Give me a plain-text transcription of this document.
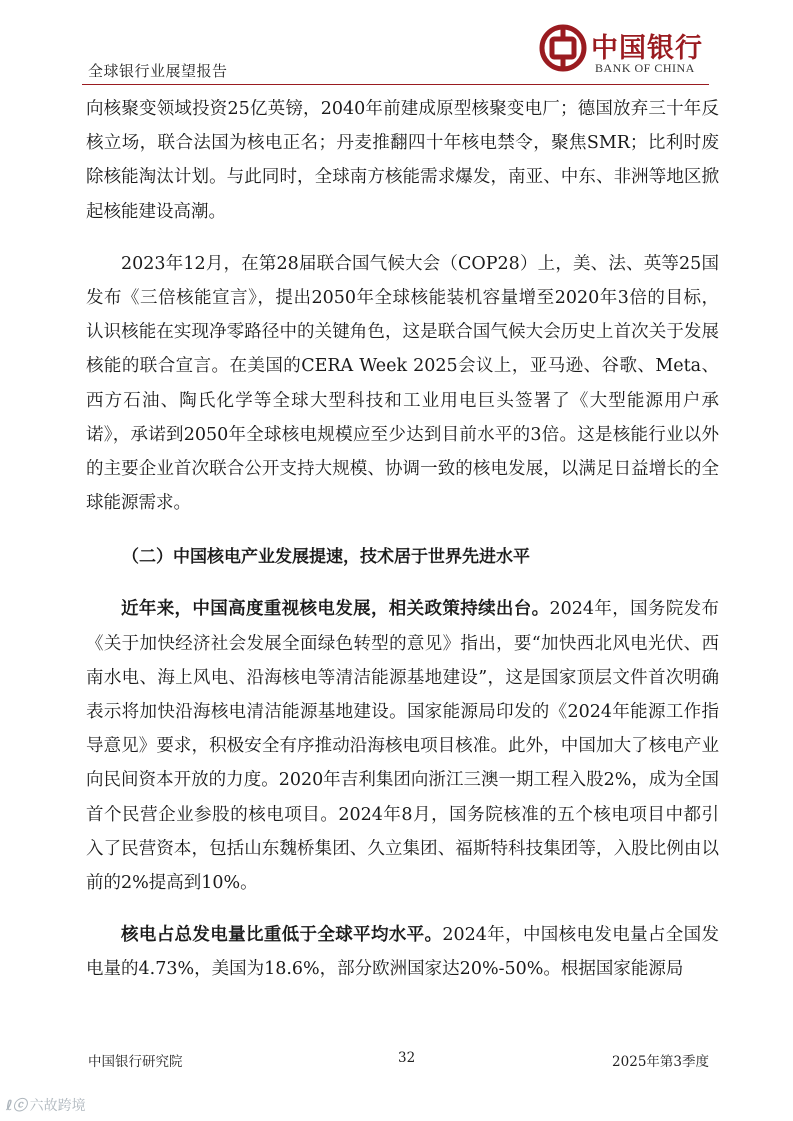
全球银行业展望报告
中国银行
BANK OF CHINA

向核聚变领域投资25亿英镑，2040年前建成原型核聚变电厂；德国放弃三十年反核立场，联合法国为核电正名；丹麦推翻四十年核电禁令，聚焦SMR；比利时废除核能淘汰计划。与此同时，全球南方核能需求爆发，南亚、中东、非洲等地区掀起核能建设高潮。

2023年12月，在第28届联合国气候大会（COP28）上，美、法、英等25国发布《三倍核能宣言》，提出2050年全球核能装机容量增至2020年3倍的目标，认识核能在实现净零路径中的关键角色，这是联合国气候大会历史上首次关于发展核能的联合宣言。在美国的CERA Week 2025会议上，亚马逊、谷歌、Meta、西方石油、陶氏化学等全球大型科技和工业用电巨头签署了《大型能源用户承诺》，承诺到2050年全球核电规模应至少达到目前水平的3倍。这是核能行业以外的主要企业首次联合公开支持大规模、协调一致的核电发展，以满足日益增长的全球能源需求。

（二）中国核电产业发展提速，技术居于世界先进水平

近年来，中国高度重视核电发展，相关政策持续出台。2024年，国务院发布《关于加快经济社会发展全面绿色转型的意见》指出，要“加快西北风电光伏、西南水电、海上风电、沿海核电等清洁能源基地建设”，这是国家顶层文件首次明确表示将加快沿海核电清洁能源基地建设。国家能源局印发的《2024年能源工作指导意见》要求，积极安全有序推动沿海核电项目核准。此外，中国加大了核电产业向民间资本开放的力度。2020年吉利集团向浙江三澳一期工程入股2%，成为全国首个民营企业参股的核电项目。2024年8月，国务院核准的五个核电项目中都引入了民营资本，包括山东魏桥集团、久立集团、福斯特科技集团等，入股比例由以前的2%提高到10%。

核电占总发电量比重低于全球平均水平。2024年，中国核电发电量占全国发电量的4.73%，美国为18.6%，部分欧洲国家达20%-50%。根据国家能源局

中国银行研究院	32	2025年第3季度
ℓⓒ 六故跨境
